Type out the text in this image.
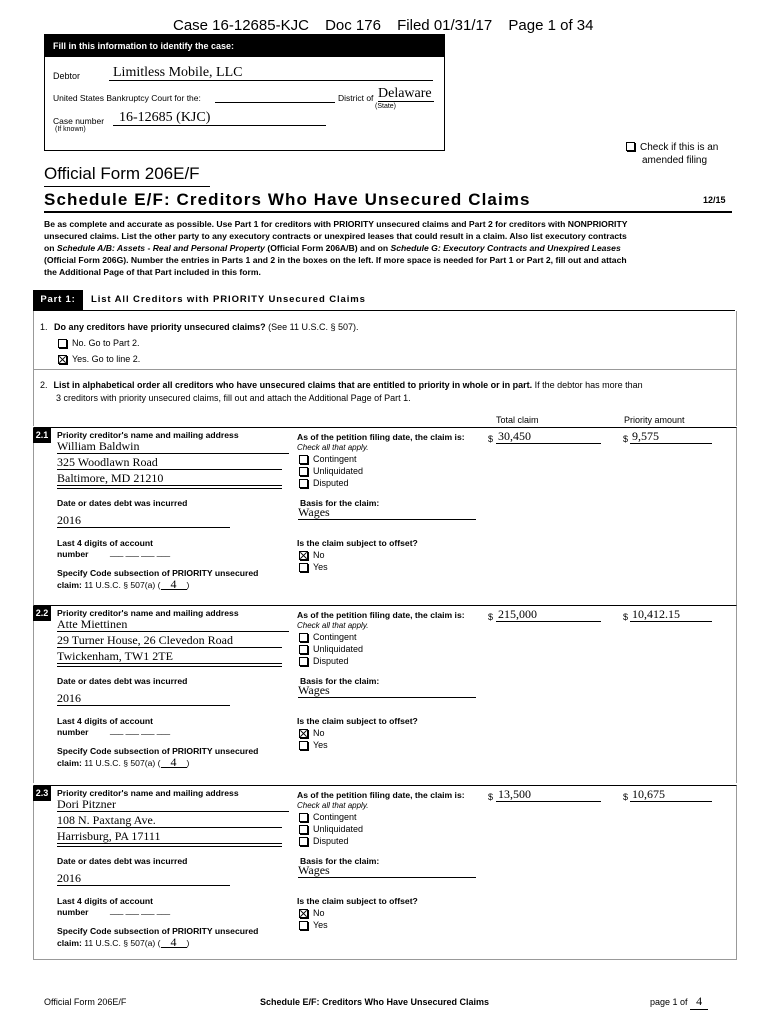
Case 16-12685-KJC Doc 176 Filed 01/31/17 Page 1 of 34
Fill in this information to identify the case:
Debtor Limitless Mobile, LLC
United States Bankruptcy Court for the:	District of Delaware
(State)
Case number
(If known)
16-12685 (KJC)
Check if this is an
amended filing
Official Form 206E/F
Schedule E/F: Creditors Who Have Unsecured Claims	12/15
Be as complete and accurate as possible. Use Part 1 for creditors with PRIORITY unsecured claims and Part 2 for creditors with NONPRIORITY
unsecured claims. List the other party to any executory contracts or unexpired leases that could result in a claim. Also list executory contracts
on Schedule A/B: Assets - Real and Personal Property (Official Form 206A/B) and on Schedule G: Executory Contracts and Unexpired Leases
(Official Form 206G). Number the entries in Parts 1 and 2 in the boxes on the left. If more space is needed for Part 1 or Part 2, fill out and attach
the Additional Page of that Part included in this form.
Part 1:	List All Creditors with PRIORITY Unsecured Claims
1. Do any creditors have priority unsecured claims? (See 11 U.S.C. § 507).
No. Go to Part 2.
Yes. Go to line 2.
2. List in alphabetical order all creditors who have unsecured claims that are entitled to priority in whole or in part. If the debtor has more than
3 creditors with priority unsecured claims, fill out and attach the Additional Page of Part 1.
Total claim	Priority amount
2.1	Priority creditor's name and mailing address
William Baldwin
325 Woodlawn Road
Baltimore, MD 21210
As of the petition filing date, the claim is:
Check all that apply.
Contingent
Unliquidated
Disputed
$ 30,450	$ 9,575
Date or dates debt was incurred
2016
Basis for the claim:
Wages
Last 4 digits of account
number	___ ___ ___ ___
Is the claim subject to offset?
No
Yes
Specify Code subsection of PRIORITY unsecured
claim: 11 U.S.C. § 507(a) ( 4 )
2.2	Priority creditor's name and mailing address
Atte Miettinen
29 Turner House, 26 Clevedon Road
Twickenham, TW1 2TE
As of the petition filing date, the claim is:
Check all that apply.
Contingent
Unliquidated
Disputed
$ 215,000	$ 10,412.15
Date or dates debt was incurred
2016
Basis for the claim:
Wages
Last 4 digits of account
number	___ ___ ___ ___
Is the claim subject to offset?
No
Yes
Specify Code subsection of PRIORITY unsecured
claim: 11 U.S.C. § 507(a) ( 4 )
2.3	Priority creditor's name and mailing address
Dori Pitzner
108 N. Paxtang Ave.
Harrisburg, PA 17111
As of the petition filing date, the claim is:
Check all that apply.
Contingent
Unliquidated
Disputed
$ 13,500	$ 10,675
Date or dates debt was incurred
2016
Basis for the claim:
Wages
Last 4 digits of account
number	___ ___ ___ ___
Is the claim subject to offset?
No
Yes
Specify Code subsection of PRIORITY unsecured
claim: 11 U.S.C. § 507(a) ( 4 )
Official Form 206E/F	Schedule E/F: Creditors Who Have Unsecured Claims	page 1 of 4
